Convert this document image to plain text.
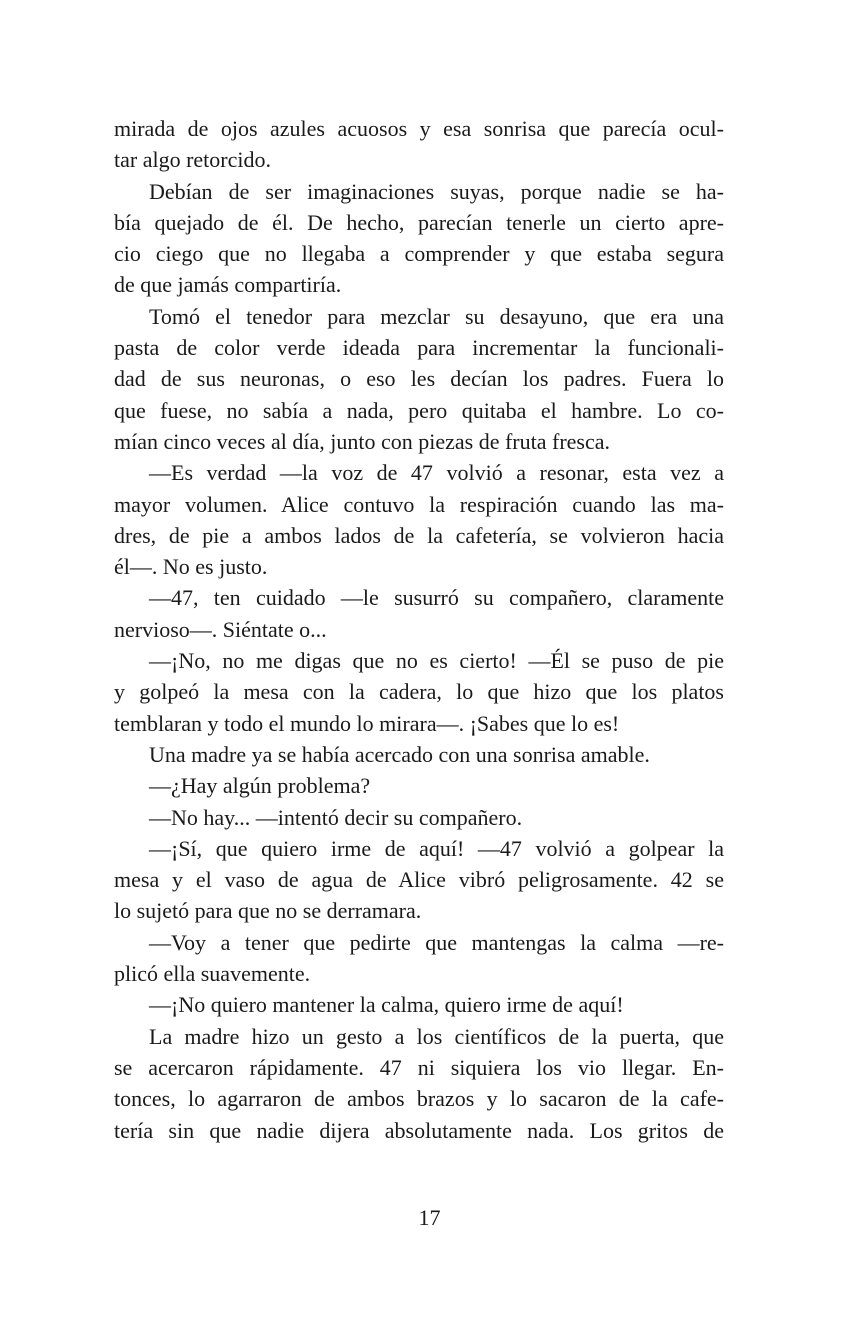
mirada de ojos azules acuosos y esa sonrisa que parecía ocul-
tar algo retorcido.
Debían de ser imaginaciones suyas, porque nadie se ha-
bía quejado de él. De hecho, parecían tenerle un cierto apre-
cio ciego que no llegaba a comprender y que estaba segura
de que jamás compartiría.
Tomó el tenedor para mezclar su desayuno, que era una
pasta de color verde ideada para incrementar la funcionali-
dad de sus neuronas, o eso les decían los padres. Fuera lo
que fuese, no sabía a nada, pero quitaba el hambre. Lo co-
mían cinco veces al día, junto con piezas de fruta fresca.
—Es verdad —la voz de 47 volvió a resonar, esta vez a
mayor volumen. Alice contuvo la respiración cuando las ma-
dres, de pie a ambos lados de la cafetería, se volvieron hacia
él—. No es justo.
—47, ten cuidado —le susurró su compañero, claramente
nervioso—. Siéntate o...
—¡No, no me digas que no es cierto! —Él se puso de pie
y golpeó la mesa con la cadera, lo que hizo que los platos
temblaran y todo el mundo lo mirara—. ¡Sabes que lo es!
Una madre ya se había acercado con una sonrisa amable.
—¿Hay algún problema?
—No hay... —intentó decir su compañero.
—¡Sí, que quiero irme de aquí! —47 volvió a golpear la
mesa y el vaso de agua de Alice vibró peligrosamente. 42 se
lo sujetó para que no se derramara.
—Voy a tener que pedirte que mantengas la calma —re-
plicó ella suavemente.
—¡No quiero mantener la calma, quiero irme de aquí!
La madre hizo un gesto a los científicos de la puerta, que
se acercaron rápidamente. 47 ni siquiera los vio llegar. En-
tonces, lo agarraron de ambos brazos y lo sacaron de la cafe-
tería sin que nadie dijera absolutamente nada. Los gritos de
17
